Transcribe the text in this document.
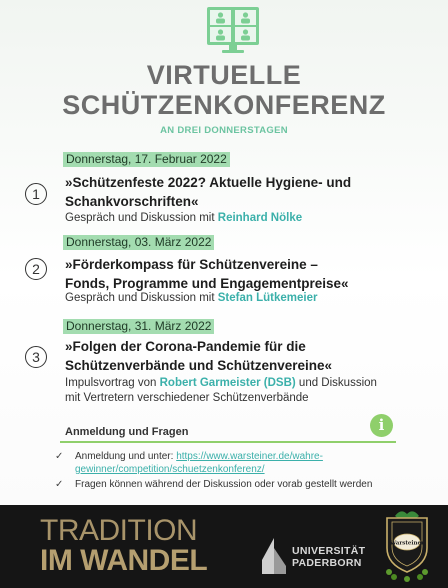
VIRTUELLE
SCHÜTZENKONFERENZ
AN DREI DONNERSTAGEN
Donnerstag, 17. Februar 2022
1
»Schützenfeste 2022? Aktuelle Hygiene- und
Schankvorschriften«
Gespräch und Diskussion mit Reinhard Nölke
Donnerstag, 03. März 2022
2	»Förderkompass für Schützenvereine –
Fonds, Programme und Engagementpreise«
Gespräch und Diskussion mit Stefan Lütkemeier
Donnerstag, 31. März 2022
3
»Folgen der Corona-Pandemie für die
Schützenverbände und Schützenvereine«
Impulsvortrag von Robert Garmeister (DSB) und Diskussion
mit Vertretern verschiedener Schützenverbände
Anmeldung und Fragen	i
✓ Anmeldung und unter: https://www.warsteiner.de/wahre-
gewinner/competition/schuetzenkonferenz/
✓ Fragen können während der Diskussion oder vorab gestellt werden
TRADITION
IM WANDEL	UNIVERSITÄT
PADERBORN
Warsteiner
